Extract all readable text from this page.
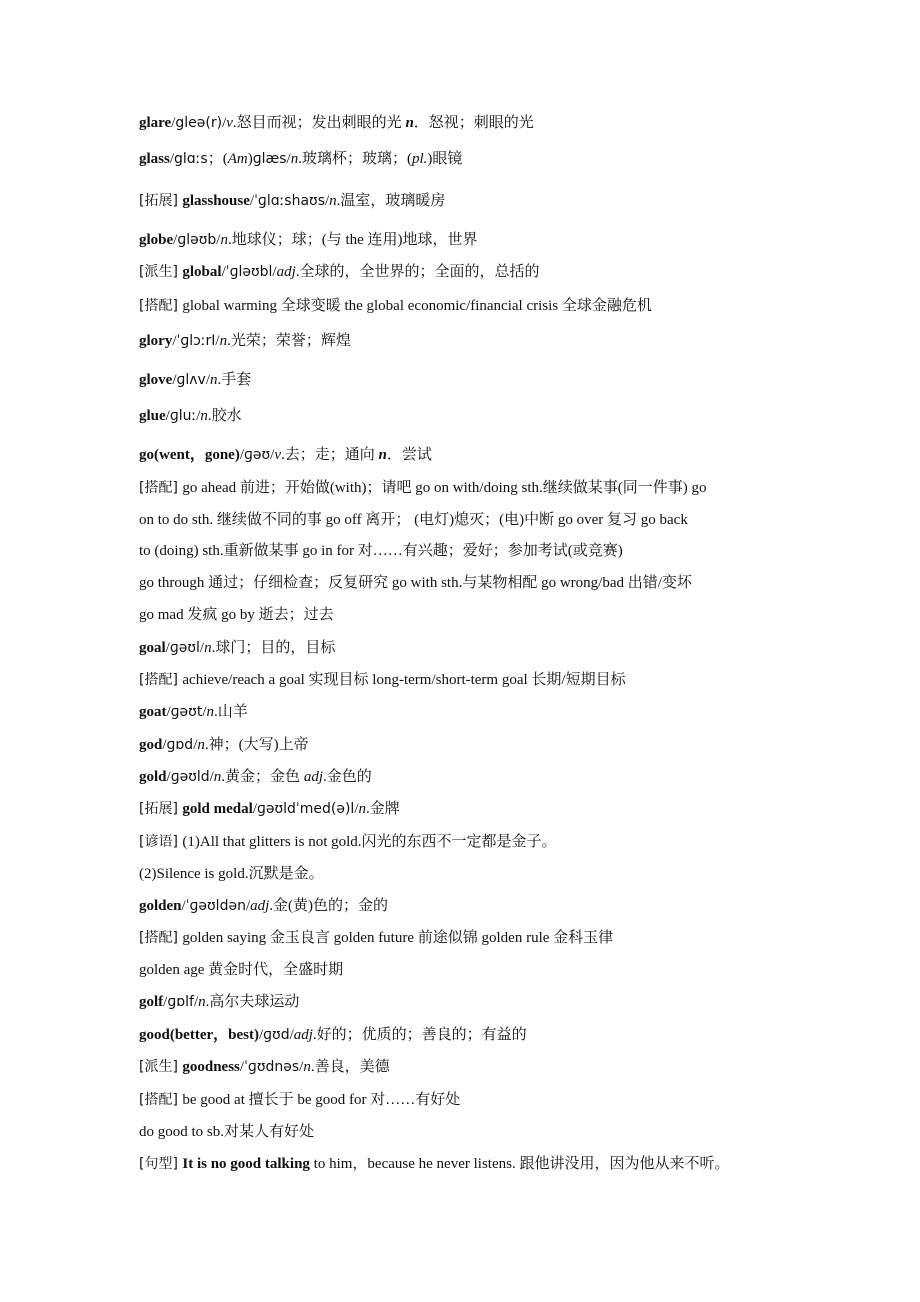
glare/gleə(r)/v.怒目而视；发出刺眼的光 n．怒视；刺眼的光
glass/glɑːs；(Am)ɡlæs/n.玻璃杯；玻璃；(pl.)眼镜
[拓展] glasshouse/ˈɡlɑːshaʊs/n.温室，玻璃暖房
globe/ɡləʊb/n.地球仪；球；(与 the 连用)地球，世界
[派生] global/ˈɡləʊbl/adj.全球的，全世界的；全面的，总括的
[搭配] global warming 全球变暖 the global economic/financial crisis 全球金融危机
glory/ˈɡlɔːrI/n.光荣；荣誉；辉煌
glove/ɡlʌv/n.手套
glue/ɡluː/n.胶水
go(went，gone)/ɡəʊ/v.去；走；通向 n．尝试
[搭配] go ahead 前进；开始做(with)；请吧 go on with/doing sth.继续做某事(同一件事) go
on to do sth. 继续做不同的事 go off 离开； (电灯)熄灭；(电)中断 go over 复习 go back
to (doing) sth.重新做某事 go in for 对……有兴趣；爱好；参加考试(或竞赛)
go through 通过；仔细检查；反复研究 go with sth.与某物相配 go wrong/bad 出错/变坏
go mad 发疯 go by 逝去；过去
goal/ɡəʊl/n.球门；目的，目标
[搭配] achieve/reach a goal 实现目标 long-term/short-term goal 长期/短期目标
goat/ɡəʊt/n.山羊
god/ɡɒd/n.神；(大写)上帝
gold/ɡəʊld/n.黄金；金色 adj.金色的
[拓展] gold medal/ɡəʊldˈmed(ə)l/n.金牌
[谚语] (1)All that glitters is not gold.闪光的东西不一定都是金子。
(2)Silence is gold.沉默是金。
golden/ˈɡəʊldən/adj.金(黄)色的；金的
[搭配] golden saying 金玉良言 golden future 前途似锦 golden rule 金科玉律
golden age 黄金时代，全盛时期
golf/ɡɒlf/n.高尔夫球运动
good(better，best)/ɡʊd/adj.好的；优质的；善良的；有益的
[派生] goodness/ˈɡʊdnəs/n.善良，美德
[搭配] be good at 擅长于 be good for 对……有好处
do good to sb.对某人有好处
[句型] It is no good talking to him，because he never listens. 跟他讲没用，因为他从来不听。
